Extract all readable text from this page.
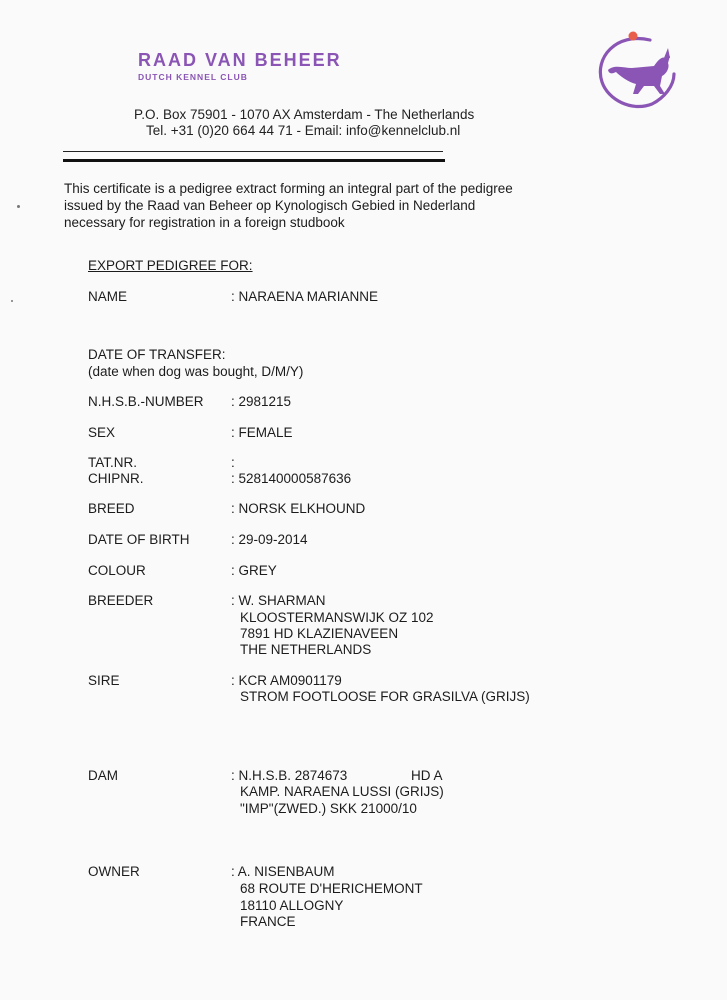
RAAD VAN BEHEER
DUTCH KENNEL CLUB
P.O. Box 75901 - 1070 AX Amsterdam - The Netherlands
Tel. +31 (0)20 664 44 71 - Email: info@kennelclub.nl
This certificate is a pedigree extract forming an integral part of the pedigree
issued by the Raad van Beheer op Kynologisch Gebied in Nederland
necessary for registration in a foreign studbook
EXPORT PEDIGREE FOR:
NAME	: NARAENA MARIANNE
DATE OF TRANSFER:
(date when dog was bought, D/M/Y)
N.H.S.B.-NUMBER : 2981215
SEX	: FEMALE
TAT.NR.	:
CHIPNR.	: 528140000587636
BREED	: NORSK ELKHOUND
DATE OF BIRTH	: 29-09-2014
COLOUR	: GREY
BREEDER	: W. SHARMAN
KLOOSTERMANSWIJK OZ 102
7891 HD KLAZIENAVEEN
THE NETHERLANDS
SIRE	: KCR AM0901179
STROM FOOTLOOSE FOR GRASILVA (GRIJS)
DAM	: N.H.S.B. 2874673	HD A
KAMP. NARAENA LUSSI (GRIJS)
"IMP"(ZWED.) SKK 21000/10
OWNER	: A. NISENBAUM
68 ROUTE D'HERICHEMONT
18110 ALLOGNY
FRANCE
